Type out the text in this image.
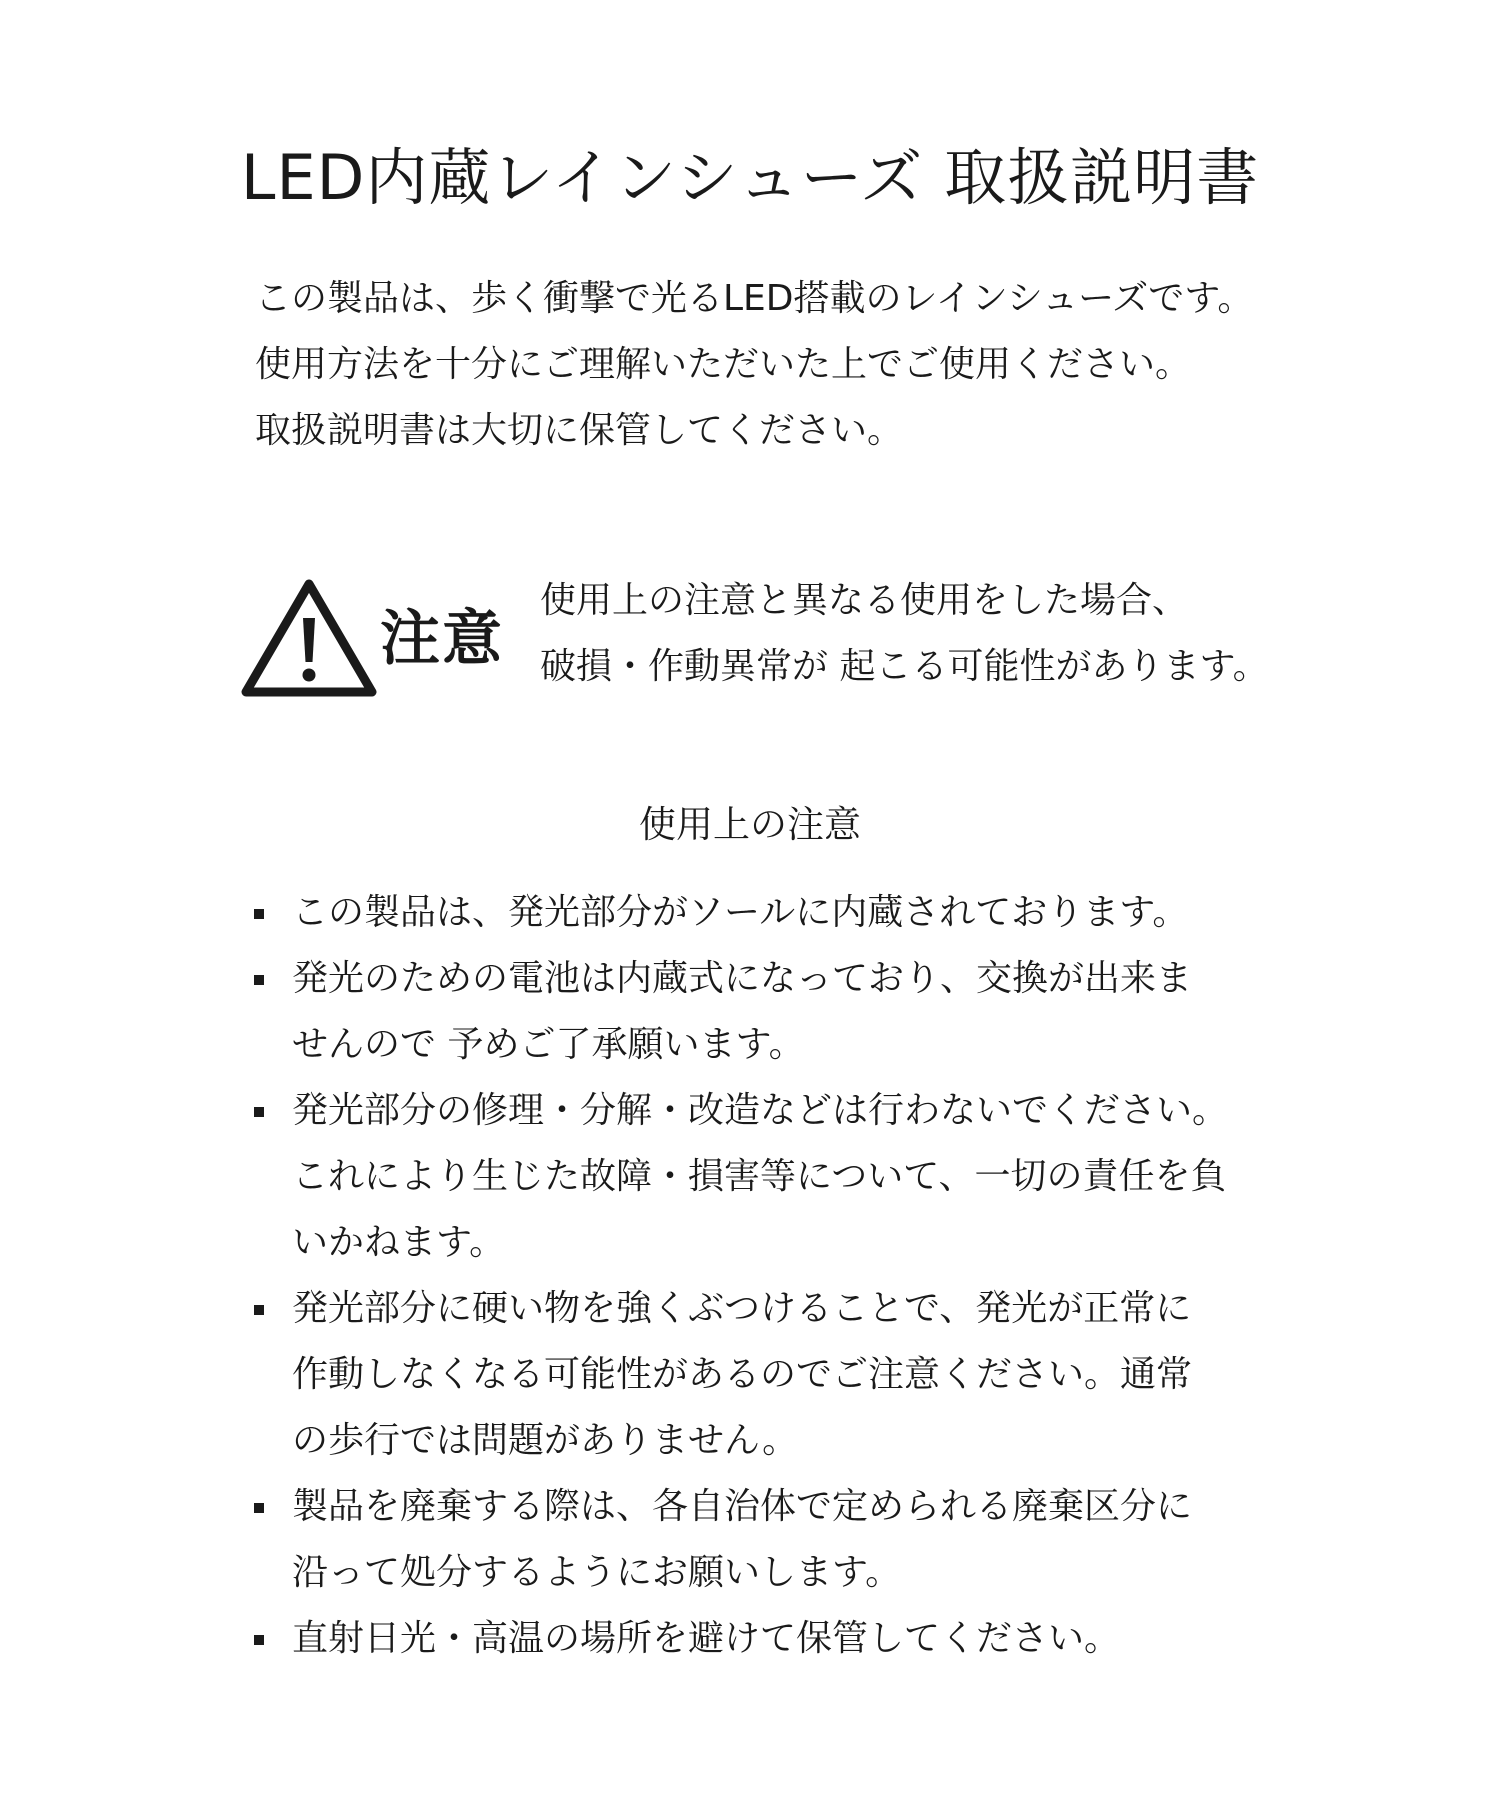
LED内蔵レインシューズ 取扱説明書
この製品は、歩く衝撃で光るLED搭載のレインシューズです。
使用方法を十分にご理解いただいた上でご使用ください。
取扱説明書は大切に保管してください。
注意
使用上の注意と異なる使用をした場合、
破損・作動異常が 起こる可能性があります。
使用上の注意
この製品は、発光部分がソールに内蔵されております。
発光のための電池は内蔵式になっており、交換が出来ま
せんので 予めご了承願います。
発光部分の修理・分解・改造などは行わないでください。
これにより生じた故障・損害等について、一切の責任を負
いかねます。
発光部分に硬い物を強くぶつけることで、発光が正常に
作動しなくなる可能性があるのでご注意ください。通常
の歩行では問題がありません。
製品を廃棄する際は、各自治体で定められる廃棄区分に
沿って処分するようにお願いします。
直射日光・高温の場所を避けて保管してください。
